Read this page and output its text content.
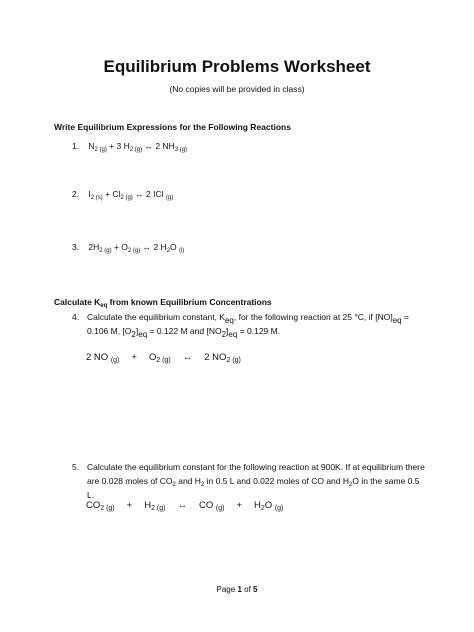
Equilibrium Problems Worksheet
(No copies will be provided in class)
Write Equilibrium Expressions for the Following Reactions
1. $N_{2 (g)} + 3$ $H_{2 (g)}$ ↔ 2 $NH_{3 (g)}$
2. $I_{2 (s)} + Cl_{2 (g)}$ ↔ 2 ICl $_{(g)}$
3. $2H_{2 (g)} + O_{2 (g)}$ ↔ 2 $H_2O$ $_{(l)}$
Calculate $K_{eq}$ from known Equilibrium Concentrations
4. Calculate the equilibrium constant, $K_{eq}$, for the following reaction at 25 °C, if $[NO]_{eq} = 0.106$ M, $[O_2]_{eq} = 0.122$ M and $[NO_2]_{eq} = 0.129$ M.
2 NO $_{(g)} + O_{2 (g)}$ ↔ 2 $NO_{2 (g)}$
5. Calculate the equilibrium constant for the following reaction at 900K. If at equilibrium there are 0.028 moles of $CO_2$ and $H_2$ in 0.5 L and 0.022 moles of CO and $H_2O$ in the same 0.5 L.
$CO_{2 (g)} + H_{2 (g)}$ ↔ CO $_{(g)} + H_2O$ $_{(g)}$
Page 1 of 5
